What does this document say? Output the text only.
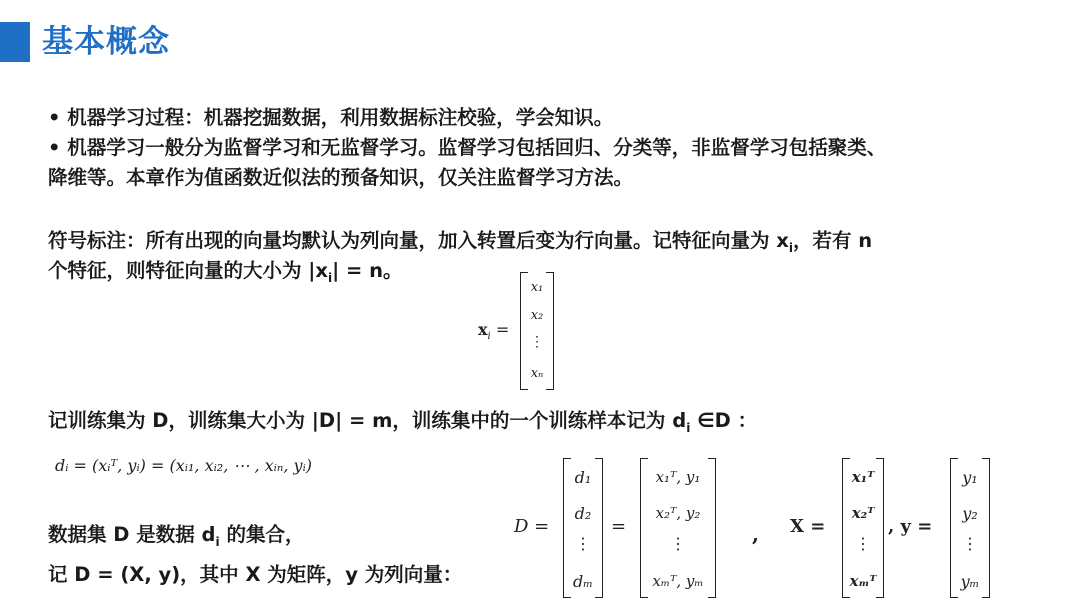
基本概念
• 机器学习过程：机器挖掘数据，利用数据标注校验，学会知识。
• 机器学习一般分为监督学习和无监督学习。监督学习包括回归、分类等，非监督学习包括聚类、
降维等。本章作为值函数近似法的预备知识，仅关注监督学习方法。
符号标注：所有出现的向量均默认为列向量，加入转置后变为行向量。记特征向量为 $x_i$，若有 n
个特征，则特征向量的大小为 $|x_i| = n$。
$x_i$ =
x₁
x₂
⋮
xₙ
记训练集为 D，训练集大小为 |D| = m，训练集中的一个训练样本记为 $d_i$ ∈D ：
dᵢ = (xᵢᵀ, yᵢ) = (xᵢ₁, xᵢ₂, ⋯ , xᵢₙ, yᵢ)
数据集 D 是数据 $d_i$ 的集合，
记 D = (X, y)，其中 X 为矩阵，y 为列向量：
D =
d₁
d₂
⋮
dₘ
=
x₁ᵀ, y₁
x₂ᵀ, y₂
⋮
xₘᵀ, yₘ
, X =
x₁ᵀ
x₂ᵀ
⋮
xₘᵀ
, y =
y₁
y₂
⋮
yₘ
